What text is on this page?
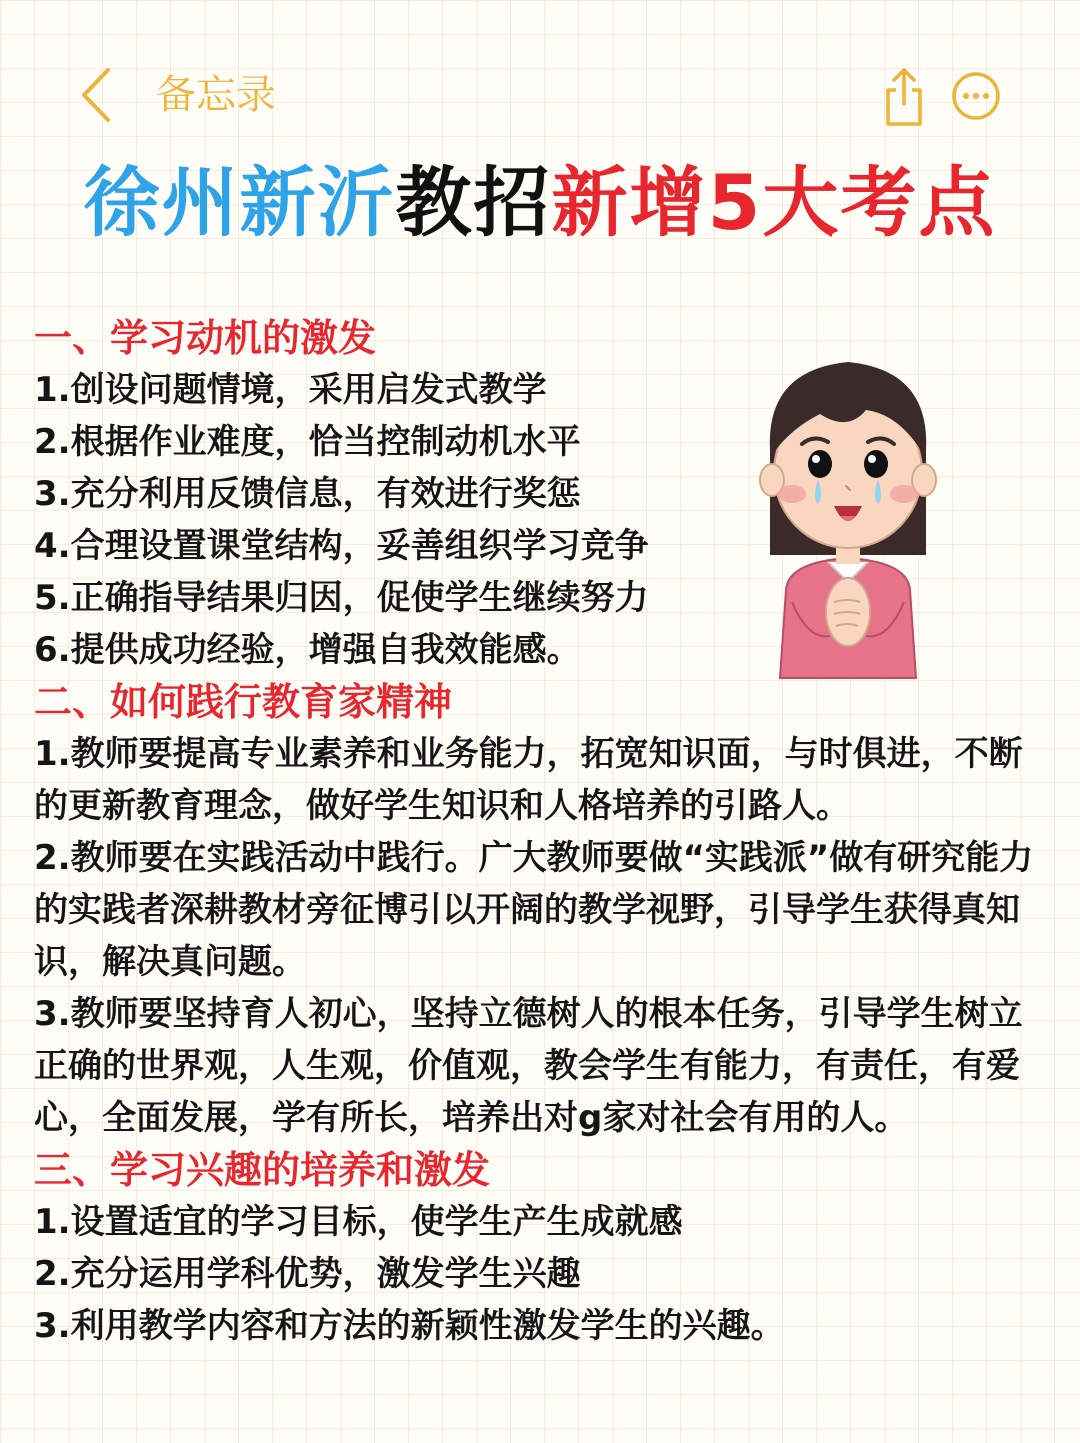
备忘录
徐州新沂教招新增5大考点
一、学习动机的激发
1.创设问题情境，采用启发式教学
2.根据作业难度，恰当控制动机水平
3.充分利用反馈信息，有效进行奖惩
4.合理设置课堂结构，妥善组织学习竞争
5.正确指导结果归因，促使学生继续努力
6.提供成功经验，增强自我效能感。
二、如何践行教育家精神
1.教师要提高专业素养和业务能力，拓宽知识面，与时俱进，不断的更新教育理念，做好学生知识和人格培养的引路人。
2.教师要在实践活动中践行。广大教师要做“实践派”做有研究能力的实践者深耕教材旁征博引以开阔的教学视野，引导学生获得真知识，解决真问题。
3.教师要坚持育人初心，坚持立德树人的根本任务，引导学生树立正确的世界观，人生观，价值观，教会学生有能力，有责任，有爱心，全面发展，学有所长，培养出对g家对社会有用的人。
三、学习兴趣的培养和激发
1.设置适宜的学习目标，使学生产生成就感
2.充分运用学科优势，激发学生兴趣
3.利用教学内容和方法的新颖性激发学生的兴趣。
